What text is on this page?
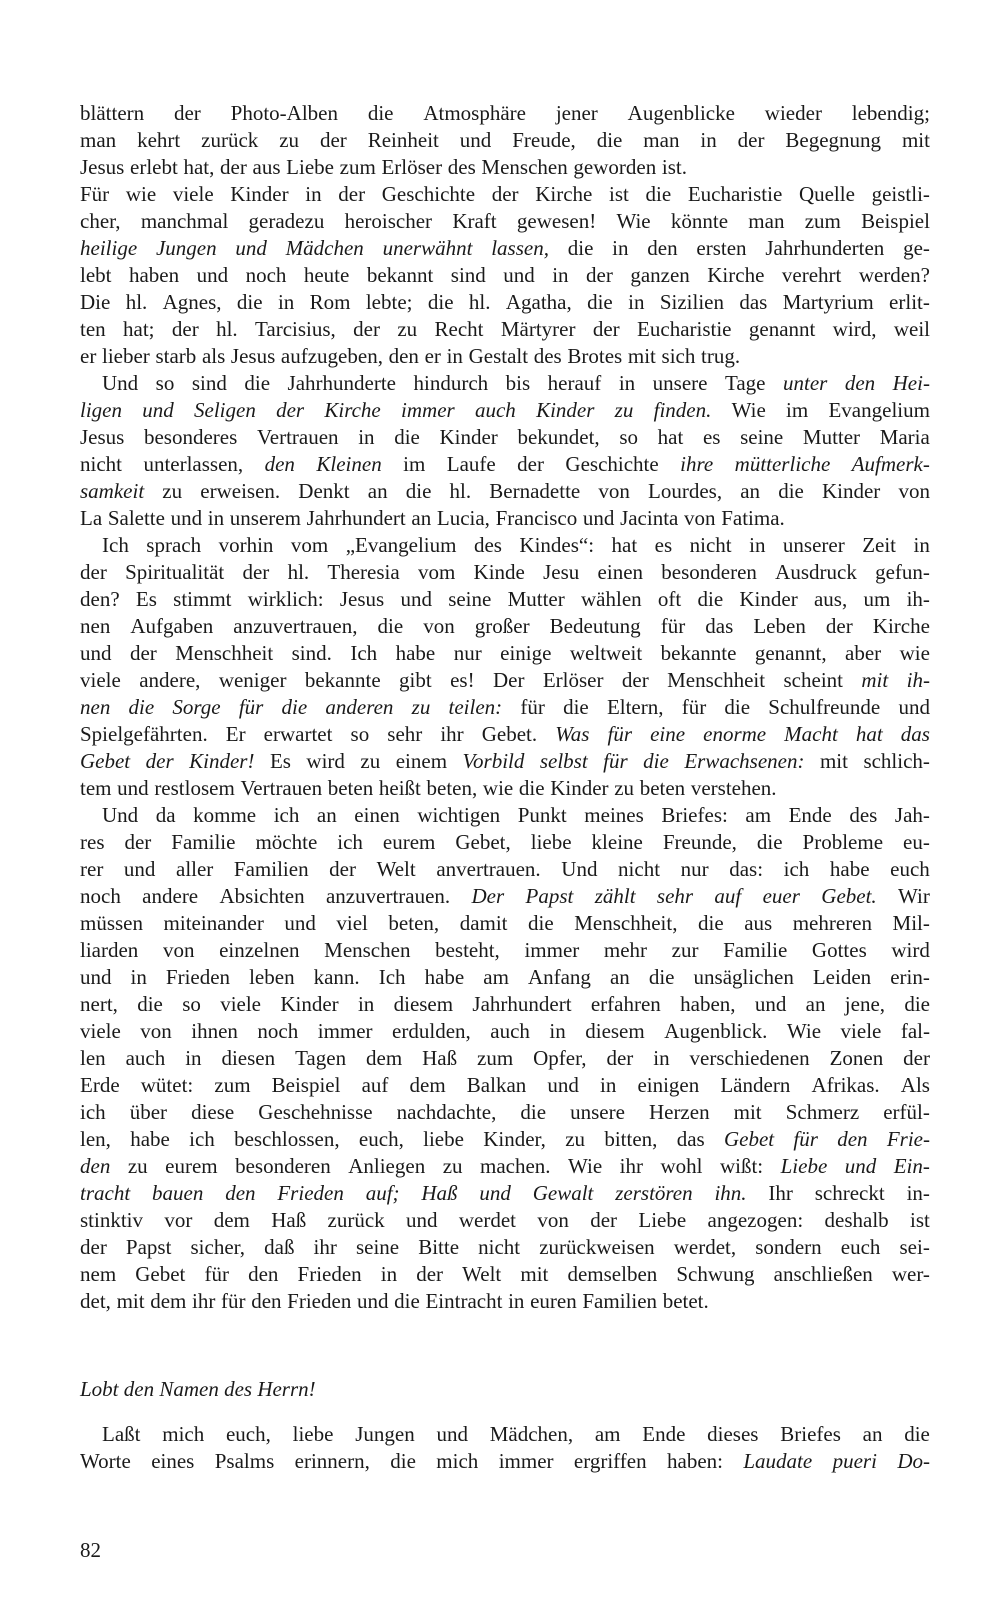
blättern der Photo-Alben die Atmosphäre jener Augenblicke wieder lebendig;
man kehrt zurück zu der Reinheit und Freude, die man in der Begegnung mit
Jesus erlebt hat, der aus Liebe zum Erlöser des Menschen geworden ist.
Für wie viele Kinder in der Geschichte der Kirche ist die Eucharistie Quelle geistli-
cher, manchmal geradezu heroischer Kraft gewesen! Wie könnte man zum Beispiel
heilige Jungen und Mädchen unerwähnt lassen, die in den ersten Jahrhunderten ge-
lebt haben und noch heute bekannt sind und in der ganzen Kirche verehrt werden?
Die hl. Agnes, die in Rom lebte; die hl. Agatha, die in Sizilien das Martyrium erlit-
ten hat; der hl. Tarcisius, der zu Recht Märtyrer der Eucharistie genannt wird, weil
er lieber starb als Jesus aufzugeben, den er in Gestalt des Brotes mit sich trug.
Und so sind die Jahrhunderte hindurch bis herauf in unsere Tage unter den Hei-
ligen und Seligen der Kirche immer auch Kinder zu finden. Wie im Evangelium
Jesus besonderes Vertrauen in die Kinder bekundet, so hat es seine Mutter Maria
nicht unterlassen, den Kleinen im Laufe der Geschichte ihre mütterliche Aufmerk-
samkeit zu erweisen. Denkt an die hl. Bernadette von Lourdes, an die Kinder von
La Salette und in unserem Jahrhundert an Lucia, Francisco und Jacinta von Fatima.
Ich sprach vorhin vom „Evangelium des Kindes“: hat es nicht in unserer Zeit in
der Spiritualität der hl. Theresia vom Kinde Jesu einen besonderen Ausdruck gefun-
den? Es stimmt wirklich: Jesus und seine Mutter wählen oft die Kinder aus, um ih-
nen Aufgaben anzuvertrauen, die von großer Bedeutung für das Leben der Kirche
und der Menschheit sind. Ich habe nur einige weltweit bekannte genannt, aber wie
viele andere, weniger bekannte gibt es! Der Erlöser der Menschheit scheint mit ih-
nen die Sorge für die anderen zu teilen: für die Eltern, für die Schulfreunde und
Spielgefährten. Er erwartet so sehr ihr Gebet. Was für eine enorme Macht hat das
Gebet der Kinder! Es wird zu einem Vorbild selbst für die Erwachsenen: mit schlich-
tem und restlosem Vertrauen beten heißt beten, wie die Kinder zu beten verstehen.
Und da komme ich an einen wichtigen Punkt meines Briefes: am Ende des Jah-
res der Familie möchte ich eurem Gebet, liebe kleine Freunde, die Probleme eu-
rer und aller Familien der Welt anvertrauen. Und nicht nur das: ich habe euch
noch andere Absichten anzuvertrauen. Der Papst zählt sehr auf euer Gebet. Wir
müssen miteinander und viel beten, damit die Menschheit, die aus mehreren Mil-
liarden von einzelnen Menschen besteht, immer mehr zur Familie Gottes wird
und in Frieden leben kann. Ich habe am Anfang an die unsäglichen Leiden erin-
nert, die so viele Kinder in diesem Jahrhundert erfahren haben, und an jene, die
viele von ihnen noch immer erdulden, auch in diesem Augenblick. Wie viele fal-
len auch in diesen Tagen dem Haß zum Opfer, der in verschiedenen Zonen der
Erde wütet: zum Beispiel auf dem Balkan und in einigen Ländern Afrikas. Als
ich über diese Geschehnisse nachdachte, die unsere Herzen mit Schmerz erfül-
len, habe ich beschlossen, euch, liebe Kinder, zu bitten, das Gebet für den Frie-
den zu eurem besonderen Anliegen zu machen. Wie ihr wohl wißt: Liebe und Ein-
tracht bauen den Frieden auf; Haß und Gewalt zerstören ihn. Ihr schreckt in-
stinktiv vor dem Haß zurück und werdet von der Liebe angezogen: deshalb ist
der Papst sicher, daß ihr seine Bitte nicht zurückweisen werdet, sondern euch sei-
nem Gebet für den Frieden in der Welt mit demselben Schwung anschließen wer-
det, mit dem ihr für den Frieden und die Eintracht in euren Familien betet.
Lobt den Namen des Herrn!
Laßt mich euch, liebe Jungen und Mädchen, am Ende dieses Briefes an die
Worte eines Psalms erinnern, die mich immer ergriffen haben: Laudate pueri Do-
82
